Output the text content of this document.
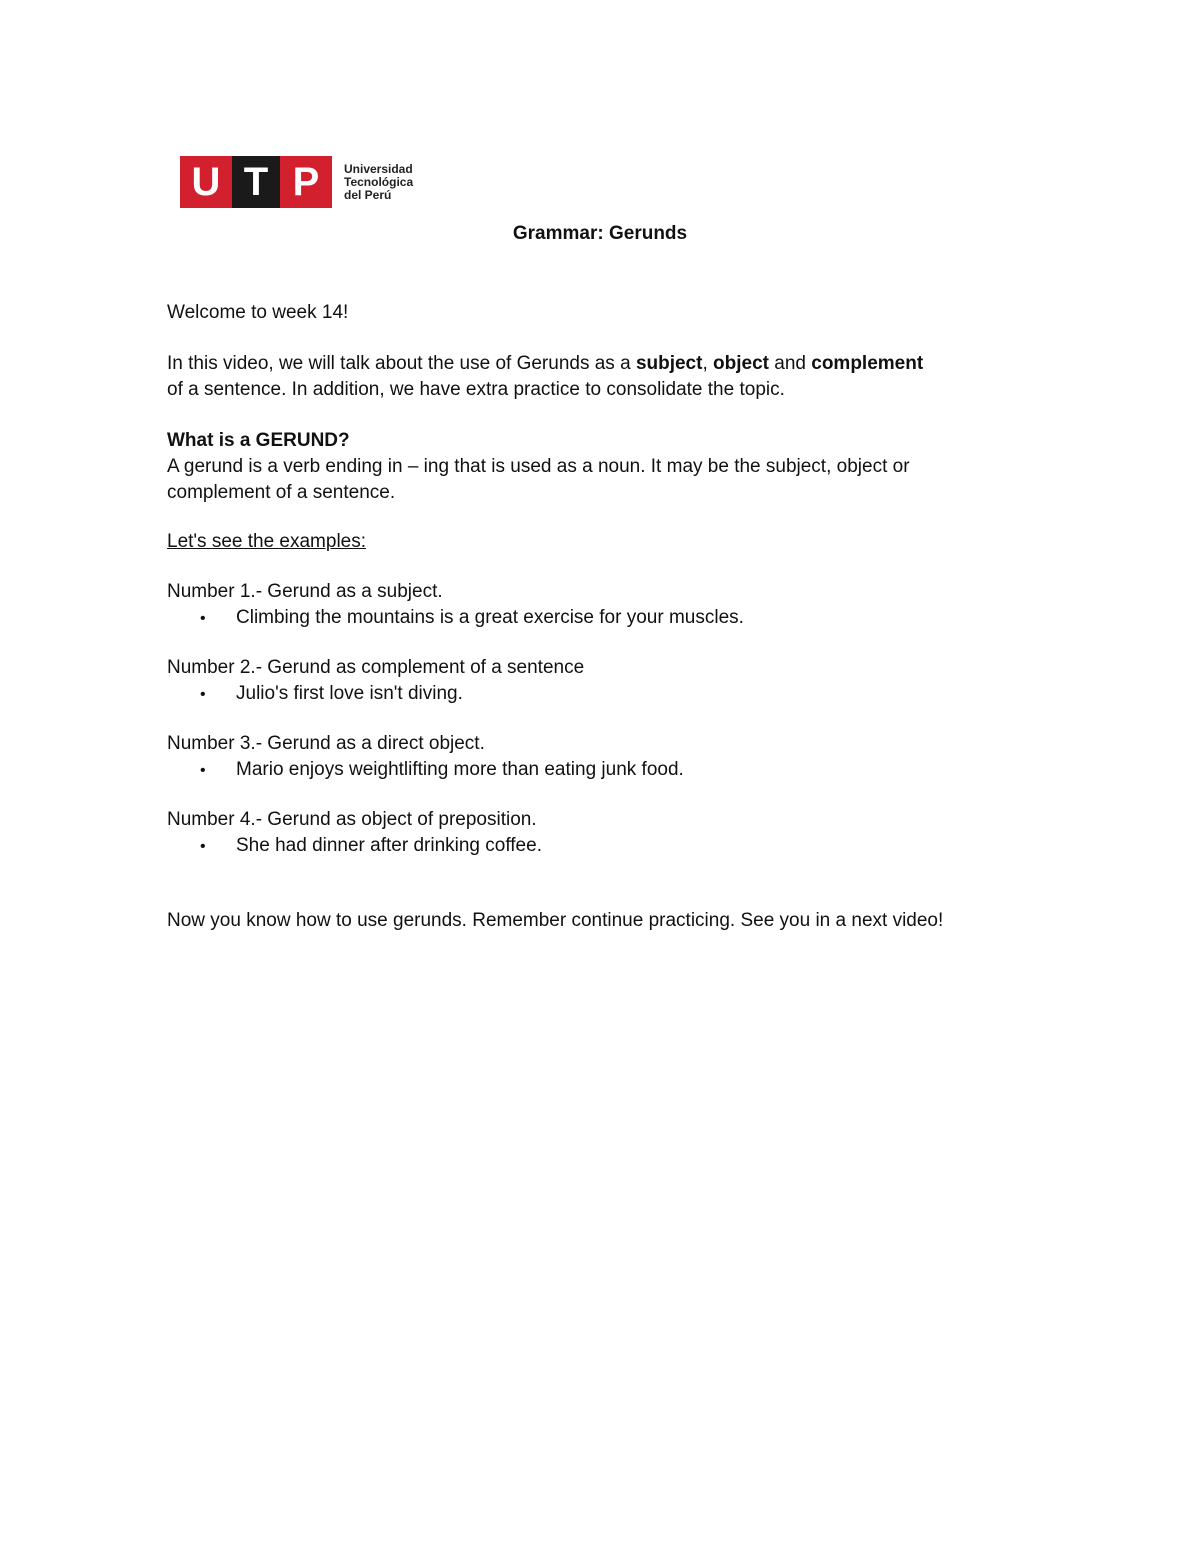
U T P	Universidad
Tecnológica
del Perú
Grammar: Gerunds
Welcome to week 14!
In this video, we will talk about the use of Gerunds as a subject, object and complement
of a sentence. In addition, we have extra practice to consolidate the topic.
What is a GERUND?
A gerund is a verb ending in – ing that is used as a noun. It may be the subject, object or
complement of a sentence.
Let's see the examples:
Number 1.- Gerund as a subject.
• Climbing the mountains is a great exercise for your muscles.
Number 2.- Gerund as complement of a sentence
• Julio's first love isn't diving.
Number 3.- Gerund as a direct object.
• Mario enjoys weightlifting more than eating junk food.
Number 4.- Gerund as object of preposition.
• She had dinner after drinking coffee.
Now you know how to use gerunds. Remember continue practicing. See you in a next video!
